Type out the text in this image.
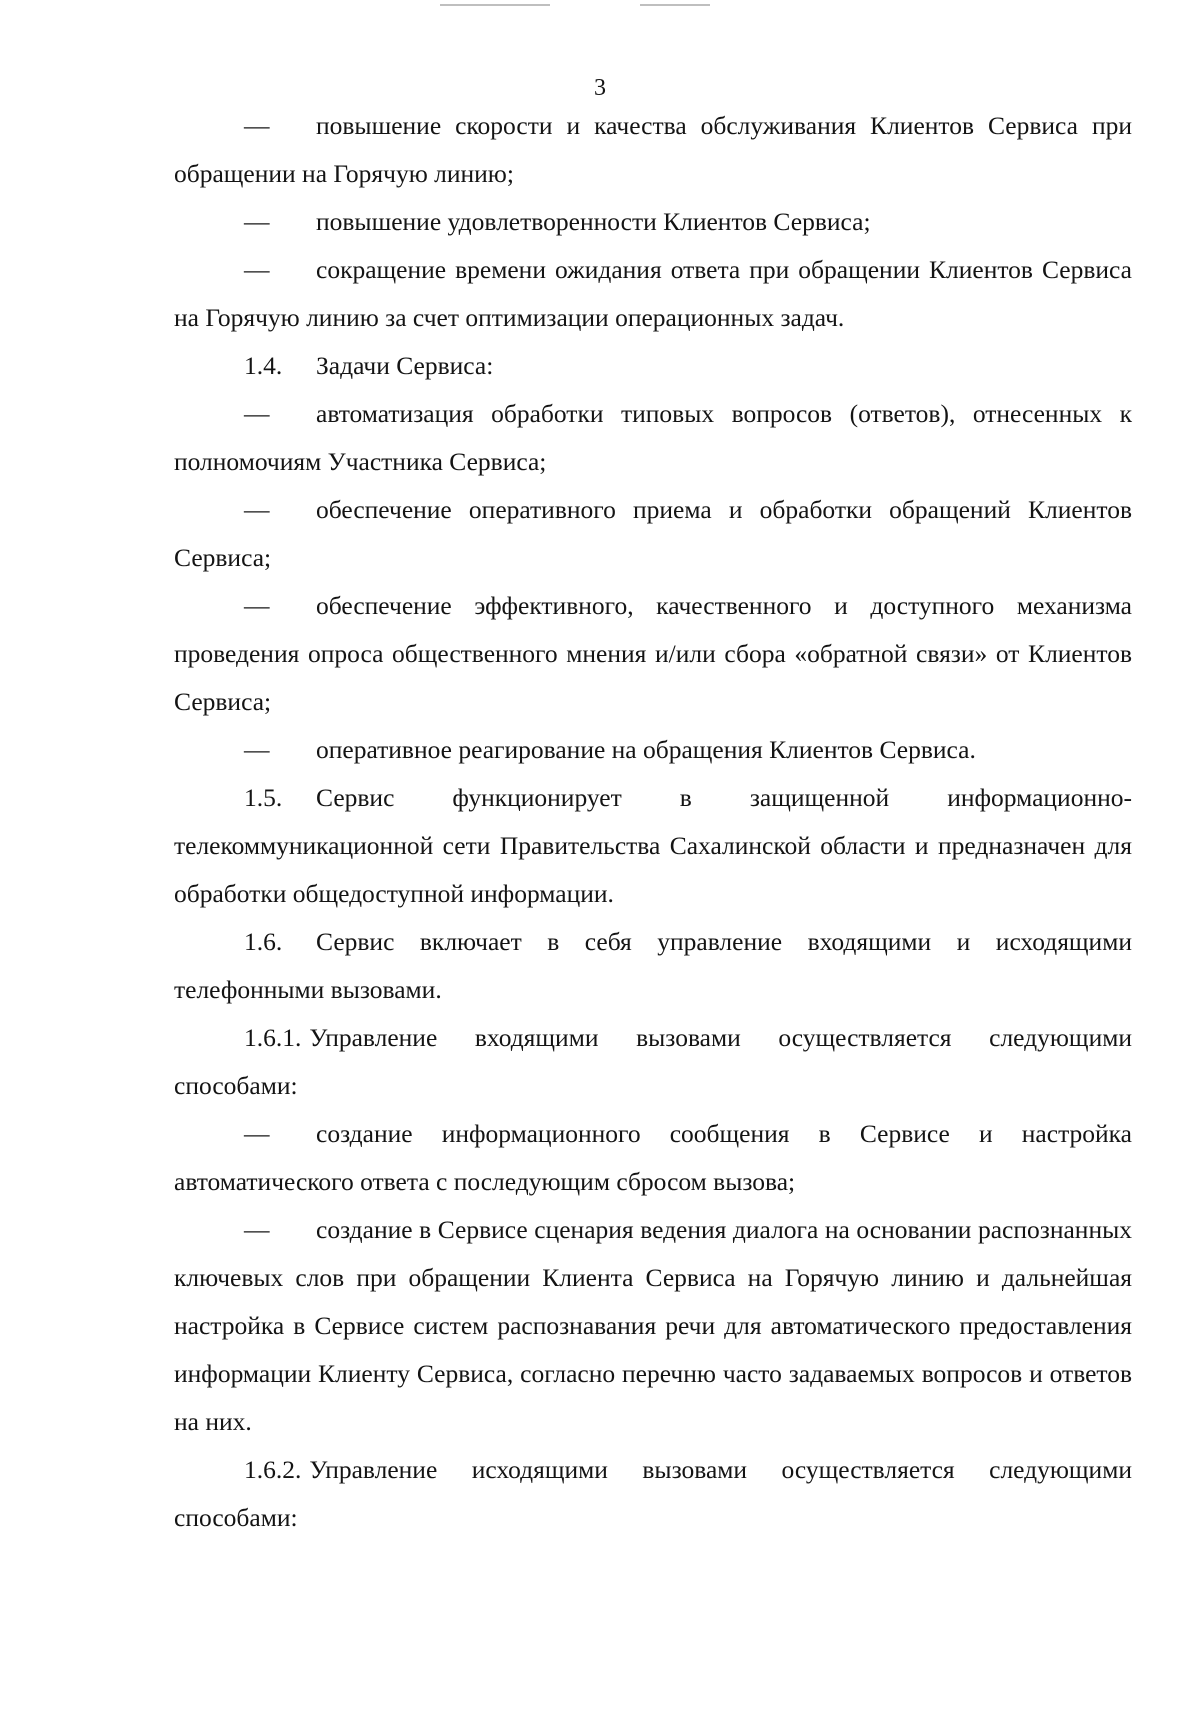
3

— повышение скорости и качества обслуживания Клиентов Сервиса при обращении на Горячую линию;

— повышение удовлетворенности Клиентов Сервиса;

— сокращение времени ожидания ответа при обращении Клиентов Сервиса на Горячую линию за счет оптимизации операционных задач.

1.4. Задачи Сервиса:

— автоматизация обработки типовых вопросов (ответов), отнесенных к полномочиям Участника Сервиса;

— обеспечение оперативного приема и обработки обращений Клиентов Сервиса;

— обеспечение эффективного, качественного и доступного механизма проведения опроса общественного мнения и/или сбора «обратной связи» от Клиентов Сервиса;

— оперативное реагирование на обращения Клиентов Сервиса.

1.5. Сервис функционирует в защищенной информационно-телекоммуникационной сети Правительства Сахалинской области и предназначен для обработки общедоступной информации.

1.6. Сервис включает в себя управление входящими и исходящими телефонными вызовами.

1.6.1. Управление входящими вызовами осуществляется следующими способами:

— создание информационного сообщения в Сервисе и настройка автоматического ответа с последующим сбросом вызова;

— создание в Сервисе сценария ведения диалога на основании распознанных ключевых слов при обращении Клиента Сервиса на Горячую линию и дальнейшая настройка в Сервисе систем распознавания речи для автоматического предоставления информации Клиенту Сервиса, согласно перечню часто задаваемых вопросов и ответов на них.

1.6.2. Управление исходящими вызовами осуществляется следующими способами:
